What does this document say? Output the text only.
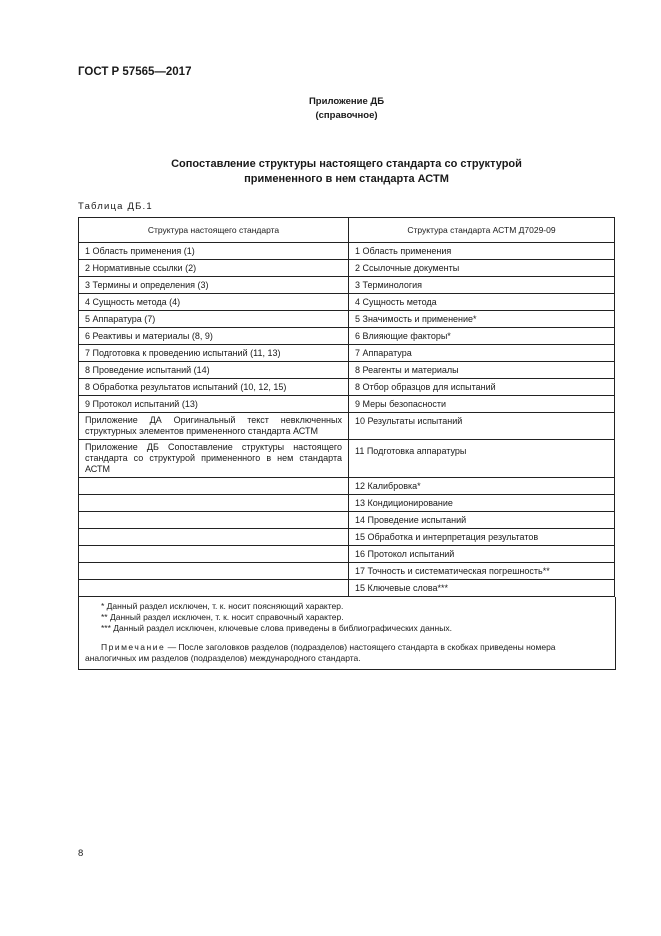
ГОСТ Р 57565—2017
Приложение ДБ
(справочное)
Сопоставление структуры настоящего стандарта со структурой
примененного в нем стандарта АСТМ
Таблица ДБ.1
Структура настоящего стандарта	Структура стандарта АСТМ Д7029-09
1 Область применения (1)	1 Область применения
2 Нормативные ссылки (2)	2 Ссылочные документы
3 Термины и определения (3)	3 Терминология
4 Сущность метода (4)	4 Сущность метода
5 Аппаратура (7)	5 Значимость и применение*
6 Реактивы и материалы (8, 9)	6 Влияющие факторы*
7 Подготовка к проведению испытаний (11, 13)	7 Аппаратура
8 Проведение испытаний (14)	8 Реагенты и материалы
8 Обработка результатов испытаний (10, 12, 15)	8 Отбор образцов для испытаний
9 Протокол испытаний (13)	9 Меры безопасности
Приложение ДА Оригинальный текст невключенных структурных элементов примененного стандарта АСТМ	10 Результаты испытаний
Приложение ДБ Сопоставление структуры настоящего стандарта со структурой примененного в нем стандарта АСТМ	11 Подготовка аппаратуры
	12 Калибровка*
	13 Кондиционирование
	14 Проведение испытаний
	15 Обработка и интерпретация результатов
	16 Протокол испытаний
	17 Точность и систематическая погрешность**
	15 Ключевые слова***
* Данный раздел исключен, т. к. носит поясняющий характер.
** Данный раздел исключен, т. к. носит справочный характер.
*** Данный раздел исключен, ключевые слова приведены в библиографических данных.
Примечание — После заголовков разделов (подразделов) настоящего стандарта в скобках приведены номера аналогичных им разделов (подразделов) международного стандарта.
8
